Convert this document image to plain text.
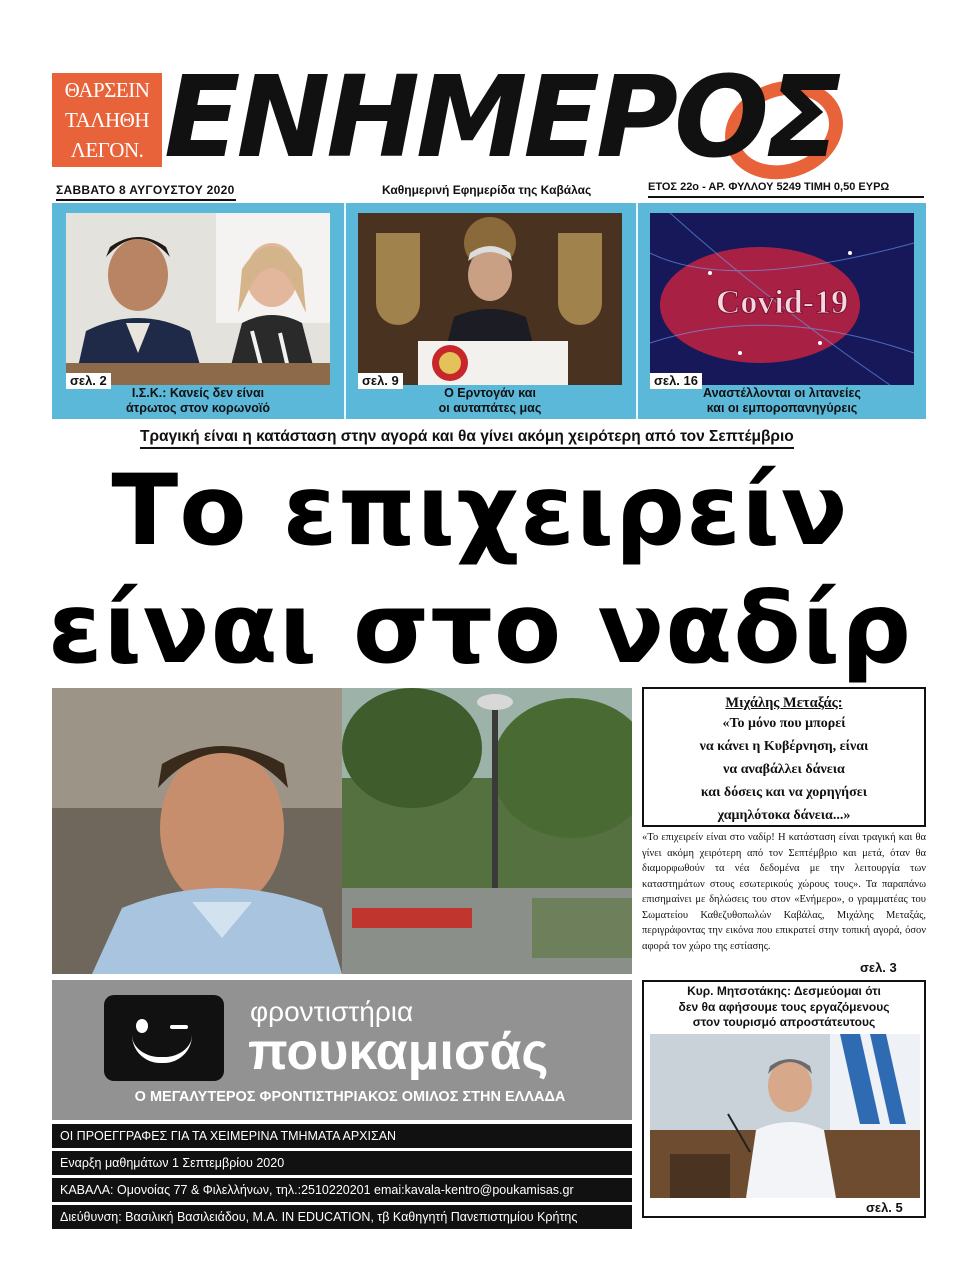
ΘΑΡΣΕΙΝ
ΤΑΛΗΘΗ
ΛΕΓΟΝ. ΕΝΗΜΕΡΟΣ
ΣΑΒΒΑΤΟ 8 ΑΥΓΟΥΣΤΟΥ 2020	Καθημερινή Εφημερίδα της Καβάλας	ΕΤΟΣ 22ο - ΑΡ. ΦΥΛΛΟΥ 5249 ΤΙΜΗ 0,50 ΕΥΡΩ
σελ. 2
Ι.Σ.Κ.: Κανείς δεν είναι
άτρωτος στον κορωνοϊό
σελ. 9
Ο Ερντογάν και
οι αυταπάτες μας
Covid-19
σελ. 16
Αναστέλλονται οι λιτανείες
και οι εμποροπανηγύρεις
Τραγική είναι η κατάσταση στην αγορά και θα γίνει ακόμη χειρότερη από τον Σεπτέμβριο
Το επιχειρείν
είναι στο ναδίρ
φροντιστήρια
πουκαμισάς
Ο ΜΕΓΑΛΥΤΕΡΟΣ ΦΡΟΝΤΙΣΤΗΡΙΑΚΟΣ ΟΜΙΛΟΣ ΣΤΗΝ ΕΛΛΑΔΑ
ΟΙ ΠΡΟΕΓΓΡΑΦΕΣ ΓΙΑ ΤΑ ΧΕΙΜΕΡΙΝΑ ΤΜΗΜΑΤΑ ΑΡΧΙΣΑΝ
Εναρξη μαθημάτων 1 Σεπτεμβρίου 2020
ΚΑΒΑΛΑ: Ομονοίας 77 & Φιλελλήνων, τηλ.:2510220201 emai:kavala-kentro@poukamisas.gr
Διεύθυνση: Βασιλική Βασιλειάδου, Μ.Α. IN EDUCATION, τβ Καθηγητή Πανεπιστημίου Κρήτης
Μιχάλης Μεταξάς:
«Το μόνο που μπορεί
να κάνει η Κυβέρνηση, είναι
να αναβάλλει δάνεια
και δόσεις και να χορηγήσει
χαμηλότοκα δάνεια...»
«Το επιχειρείν είναι στο ναδίρ! Η κατάσταση είναι τραγική και θα γίνει ακόμη χειρότερη από τον Σεπτέμβριο και μετά, όταν θα διαμορφωθούν τα νέα δεδομένα με την λειτουργία των καταστημάτων στους εσωτερικούς χώρους τους». Τα παραπάνω επισημαίνει με δηλώσεις του στον «Ενήμερο», ο γραμματέας του Σωματείου Καθεζυθοπωλών Καβάλας, Μιχάλης Μεταξάς, περιγράφοντας την εικόνα που επικρατεί στην τοπική αγορά, όσον αφορά τον χώρο της εστίασης.
σελ. 3
Κυρ. Μητσοτάκης: Δεσμεύομαι ότι
δεν θα αφήσουμε τους εργαζόμενους
στον τουρισμό απροστάτευτους
σελ. 5
